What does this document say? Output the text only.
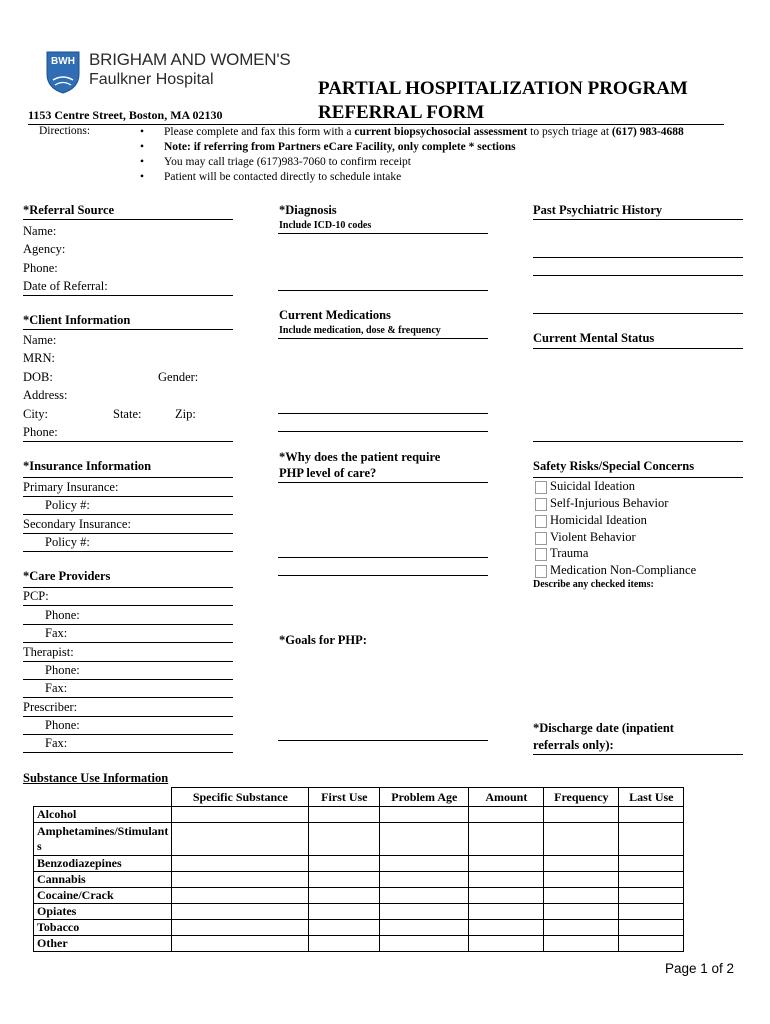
BWH BRIGHAM AND WOMEN'S
Faulkner Hospital
1153 Centre Street, Boston, MA 02130
PARTIAL HOSPITALIZATION PROGRAM
REFERRAL FORM
Directions:	• Please complete and fax this form with a current biopsychosocial assessment to psych triage at (617) 983-4688
• Note: if referring from Partners eCare Facility, only complete * sections
• You may call triage (617)983-7060 to confirm receipt
• Patient will be contacted directly to schedule intake
*Referral Source
Name:
Agency:
Phone:
Date of Referral:
*Client Information
Name:
MRN:
DOB:	Gender:
Address:
City:	State:	Zip:
Phone:
*Insurance Information
Primary Insurance:
Policy #:
Secondary Insurance:
Policy #:
*Care Providers
PCP:
Phone:
Fax:
Therapist:
Phone:
Fax:
Prescriber:
Phone:
Fax:
*Diagnosis
Include ICD-10 codes
Current Medications
Include medication, dose & frequency
*Why does the patient require
PHP level of care?
*Goals for PHP:
Past Psychiatric History
Current Mental Status
Safety Risks/Special Concerns
Suicidal Ideation
Self-Injurious Behavior
Homicidal Ideation
Violent Behavior
Trauma
Medication Non-Compliance
Describe any checked items:
*Discharge date (inpatient
referrals only):
Substance Use Information
	Specific Substance	First Use	Problem Age	Amount	Frequency	Last Use
Alcohol						
Amphetamines/Stimulant s						
Benzodiazepines						
Cannabis						
Cocaine/Crack						
Opiates						
Tobacco						
Other						
Page 1 of 2
